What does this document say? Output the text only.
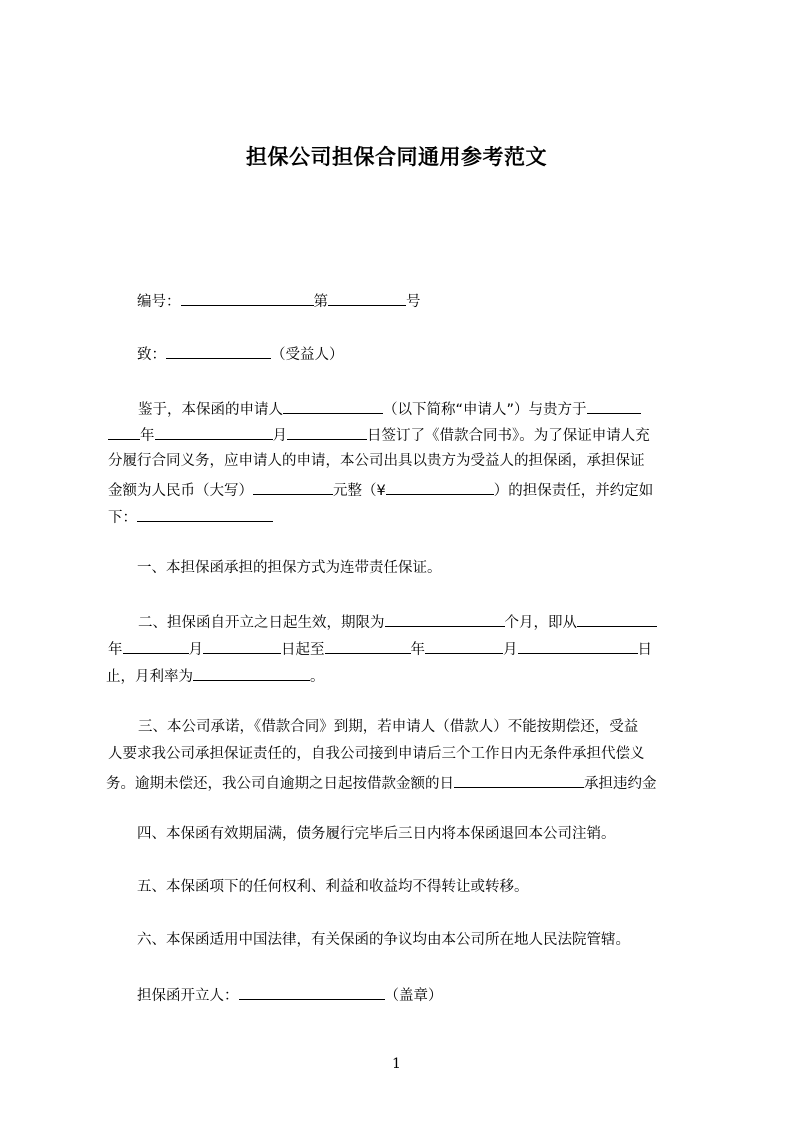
担保公司担保合同通用参考范文
编号：	第	号
致：	（受益人）
鉴于，本保函的申请人	（以下简称“申请人”）与贵方于
年	月	日签订了《借款合同书》。为了保证申请人充
分履行合同义务，应申请人的申请，本公司出具以贵方为受益人的担保函，承担保证
金额为人民币（大写）	元整（¥	）的担保责任，并约定如
下：
一、本担保函承担的担保方式为连带责任保证。
二、担保函自开立之日起生效，期限为	个月，即从
年	月	日起至	年	月	日
止，月利率为	。
三、本公司承诺，《借款合同》到期，若申请人（借款人）不能按期偿还，受益
人要求我公司承担保证责任的，自我公司接到申请后三个工作日内无条件承担代偿义
务。逾期未偿还，我公司自逾期之日起按借款金额的日	承担违约金
四、本保函有效期届满，债务履行完毕后三日内将本保函退回本公司注销。
五、本保函项下的任何权利、利益和收益均不得转让或转移。
六、本保函适用中国法律，有关保函的争议均由本公司所在地人民法院管辖。
担保函开立人：	（盖章）
1
